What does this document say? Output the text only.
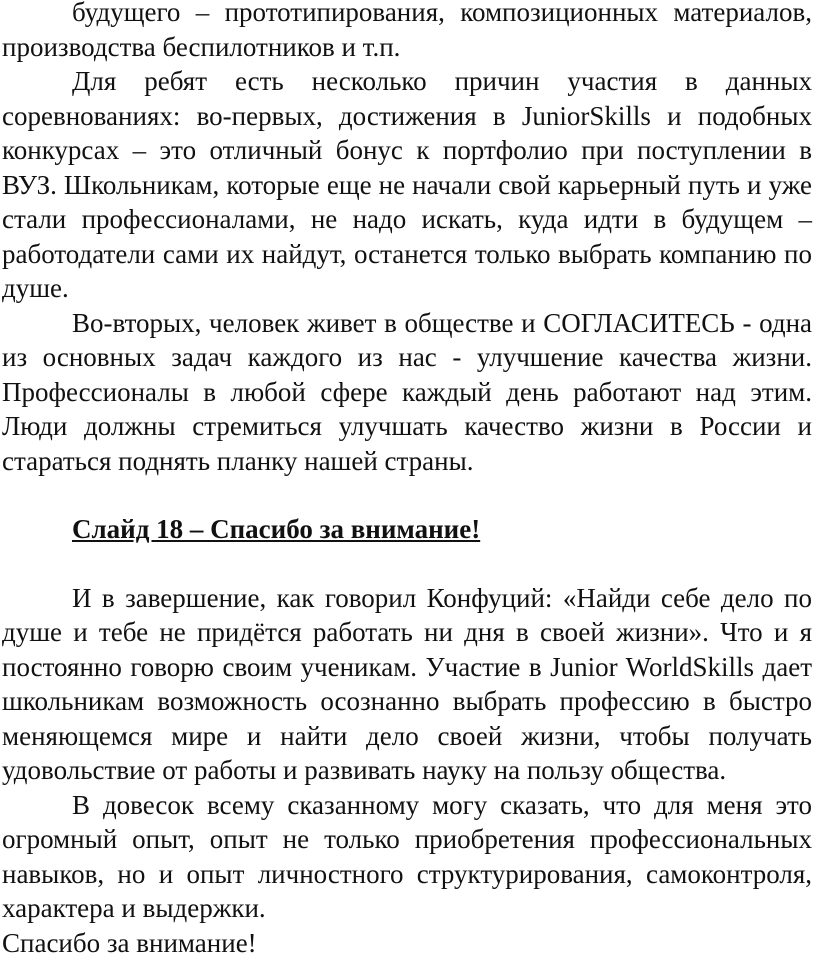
будущего – прототипирования, композиционных материалов, производства беспилотников и т.п.

Для ребят есть несколько причин участия в данных соревнованиях: во-первых, достижения в JuniorSkills и подобных конкурсах – это отличный бонус к портфолио при поступлении в ВУЗ. Школьникам, которые еще не начали свой карьерный путь и уже стали профессионалами, не надо искать, куда идти в будущем – работодатели сами их найдут, останется только выбрать компанию по душе.

Во-вторых, человек живет в обществе и СОГЛАСИТЕСЬ - одна из основных задач каждого из нас - улучшение качества жизни. Профессионалы в любой сфере каждый день работают над этим. Люди должны стремиться улучшать качество жизни в России и стараться поднять планку нашей страны.

Слайд 18 – Спасибо за внимание!

И в завершение, как говорил Конфуций: «Найди себе дело по душе и тебе не придётся работать ни дня в своей жизни». Что и я постоянно говорю своим ученикам. Участие в Junior WorldSkills дает школьникам возможность осознанно выбрать профессию в быстро меняющемся мире и найти дело своей жизни, чтобы получать удовольствие от работы и развивать науку на пользу общества.

В довесок всему сказанному могу сказать, что для меня это огромный опыт, опыт не только приобретения профессиональных навыков, но и опыт личностного структурирования, самоконтроля, характера и выдержки.

Спасибо за внимание!
